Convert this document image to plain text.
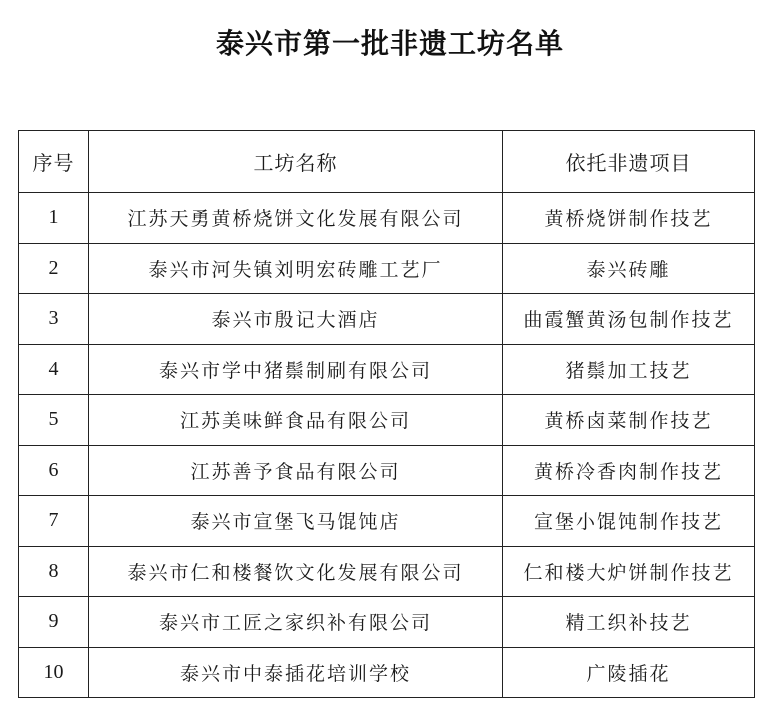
泰兴市第一批非遗工坊名单
序号	工坊名称	依托非遗项目
1	江苏天勇黄桥烧饼文化发展有限公司	黄桥烧饼制作技艺
2	泰兴市河失镇刘明宏砖雕工艺厂	泰兴砖雕
3	泰兴市殷记大酒店	曲霞蟹黄汤包制作技艺
4	泰兴市学中猪鬃制刷有限公司	猪鬃加工技艺
5	江苏美味鲜食品有限公司	黄桥卤菜制作技艺
6	江苏善予食品有限公司	黄桥冷香肉制作技艺
7	泰兴市宣堡飞马馄饨店	宣堡小馄饨制作技艺
8	泰兴市仁和楼餐饮文化发展有限公司	仁和楼大炉饼制作技艺
9	泰兴市工匠之家织补有限公司	精工织补技艺
10	泰兴市中泰插花培训学校	广陵插花
